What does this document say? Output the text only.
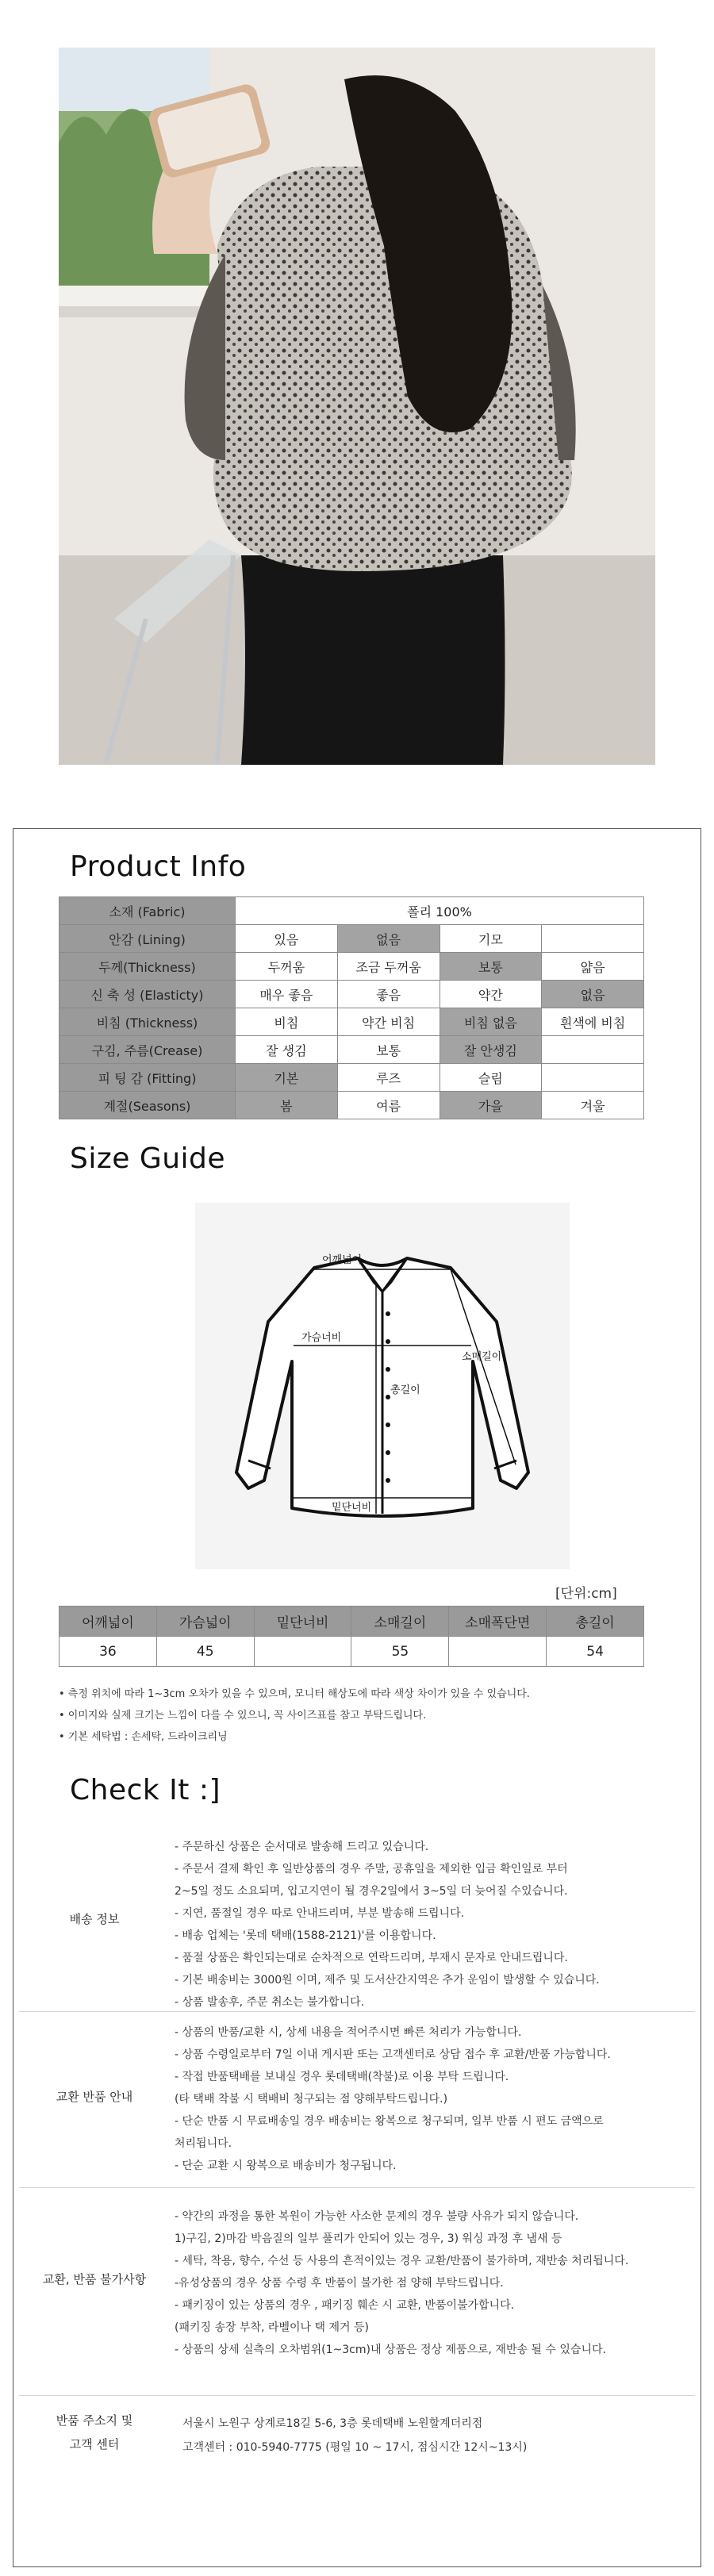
Product Info
소재 (Fabric)	폴리 100%			
안감 (Lining)	있음	없음	기모	
두께(Thickness)	두꺼움	조금 두꺼움	보통	얇음
신 축 성 (Elasticty)	매우 좋음	좋음	약간	없음
비침 (Thickness)	비침	약간 비침	비침 없음	흰색에 비침
구김, 주름(Crease)	잘 생김	보통	잘 안생김	
피 팅 감 (Fitting)	기본	루즈	슬림	
계절(Seasons)	봄	여름	가을	겨울
Size Guide
어깨넓이
가슴너비
소매길이
총길이
밑단너비
[단위:cm]
어깨넓이	가슴넓이	밑단너비	소매길이	소매폭단면	총길이
36	45		55		54
• 측정 위치에 따라 1~3cm 오차가 있을 수 있으며, 모니터 해상도에 따라 색상 차이가 있을 수 있습니다.
• 이미지와 실제 크기는 느낌이 다를 수 있으니, 꼭 사이즈표를 참고 부탁드립니다.
• 기본 세탁법 : 손세탁, 드라이크리닝
Check It :]
배송 정보
- 주문하신 상품은 순서대로 발송해 드리고 있습니다.
- 주문서 결제 확인 후 일반상품의 경우 주말, 공휴일을 제외한 입금 확인일로 부터
2~5일 정도 소요되며, 입고지연이 될 경우2일에서 3~5일 더 늦어질 수있습니다.
- 지연, 품절일 경우 따로 안내드리며, 부분 발송해 드립니다.
- 배송 업체는 '롯데 택배(1588-2121)'를 이용합니다.
- 품절 상품은 확인되는대로 순차적으로 연락드리며, 부재시 문자로 안내드립니다.
- 기본 배송비는 3000원 이며, 제주 및 도서산간지역은 추가 운임이 발생할 수 있습니다.
- 상품 발송후, 주문 취소는 불가합니다.
교환 반품 안내
- 상품의 반품/교환 시, 상세 내용을 적어주시면 빠른 처리가 가능합니다.
- 상품 수령일로부터 7일 이내 게시판 또는 고객센터로 상담 접수 후 교환/반품 가능합니다.
- 작접 반품택배를 보내실 경우 롯데택배(착불)로 이용 부탁 드립니다.
(타 택배 착불 시 택배비 청구되는 점 양해부탁드립니다.)
- 단순 반품 시 무료배송일 경우 배송비는 왕복으로 청구되며, 일부 반품 시 편도 금액으로
처리됩니다.
- 단순 교환 시 왕복으로 배송비가 청구됩니다.
교환, 반품 불가사항
- 약간의 과정을 통한 복원이 가능한 사소한 문제의 경우 불량 사유가 되지 않습니다.
1)구김, 2)마감 박음질의 일부 풀리가 안되어 있는 경우, 3) 워싱 과정 후 냄새 등
- 세탁, 착용, 향수, 수선 등 사용의 흔적이있는 경우 교환/반품이 불가하며, 재반송 처리됩니다.
-유성상품의 경우 상품 수령 후 반품이 불가한 점 양해 부탁드립니다.
- 패키징이 있는 상품의 경우 , 패키징 훼손 시 교환, 반품이불가합니다.
(패키징 송장 부착, 라벨이나 택 제거 등)
- 상품의 상세 실측의 오차범위(1~3cm)내 상품은 정상 제품으로, 재반송 될 수 있습니다.
반품 주소지 및
고객 센터
서울시 노원구 상계로18길 5-6, 3층 롯데택배 노원할계더리점
고객센터 : 010-5940-7775 (평일 10 ~ 17시, 점심시간 12시~13시)
